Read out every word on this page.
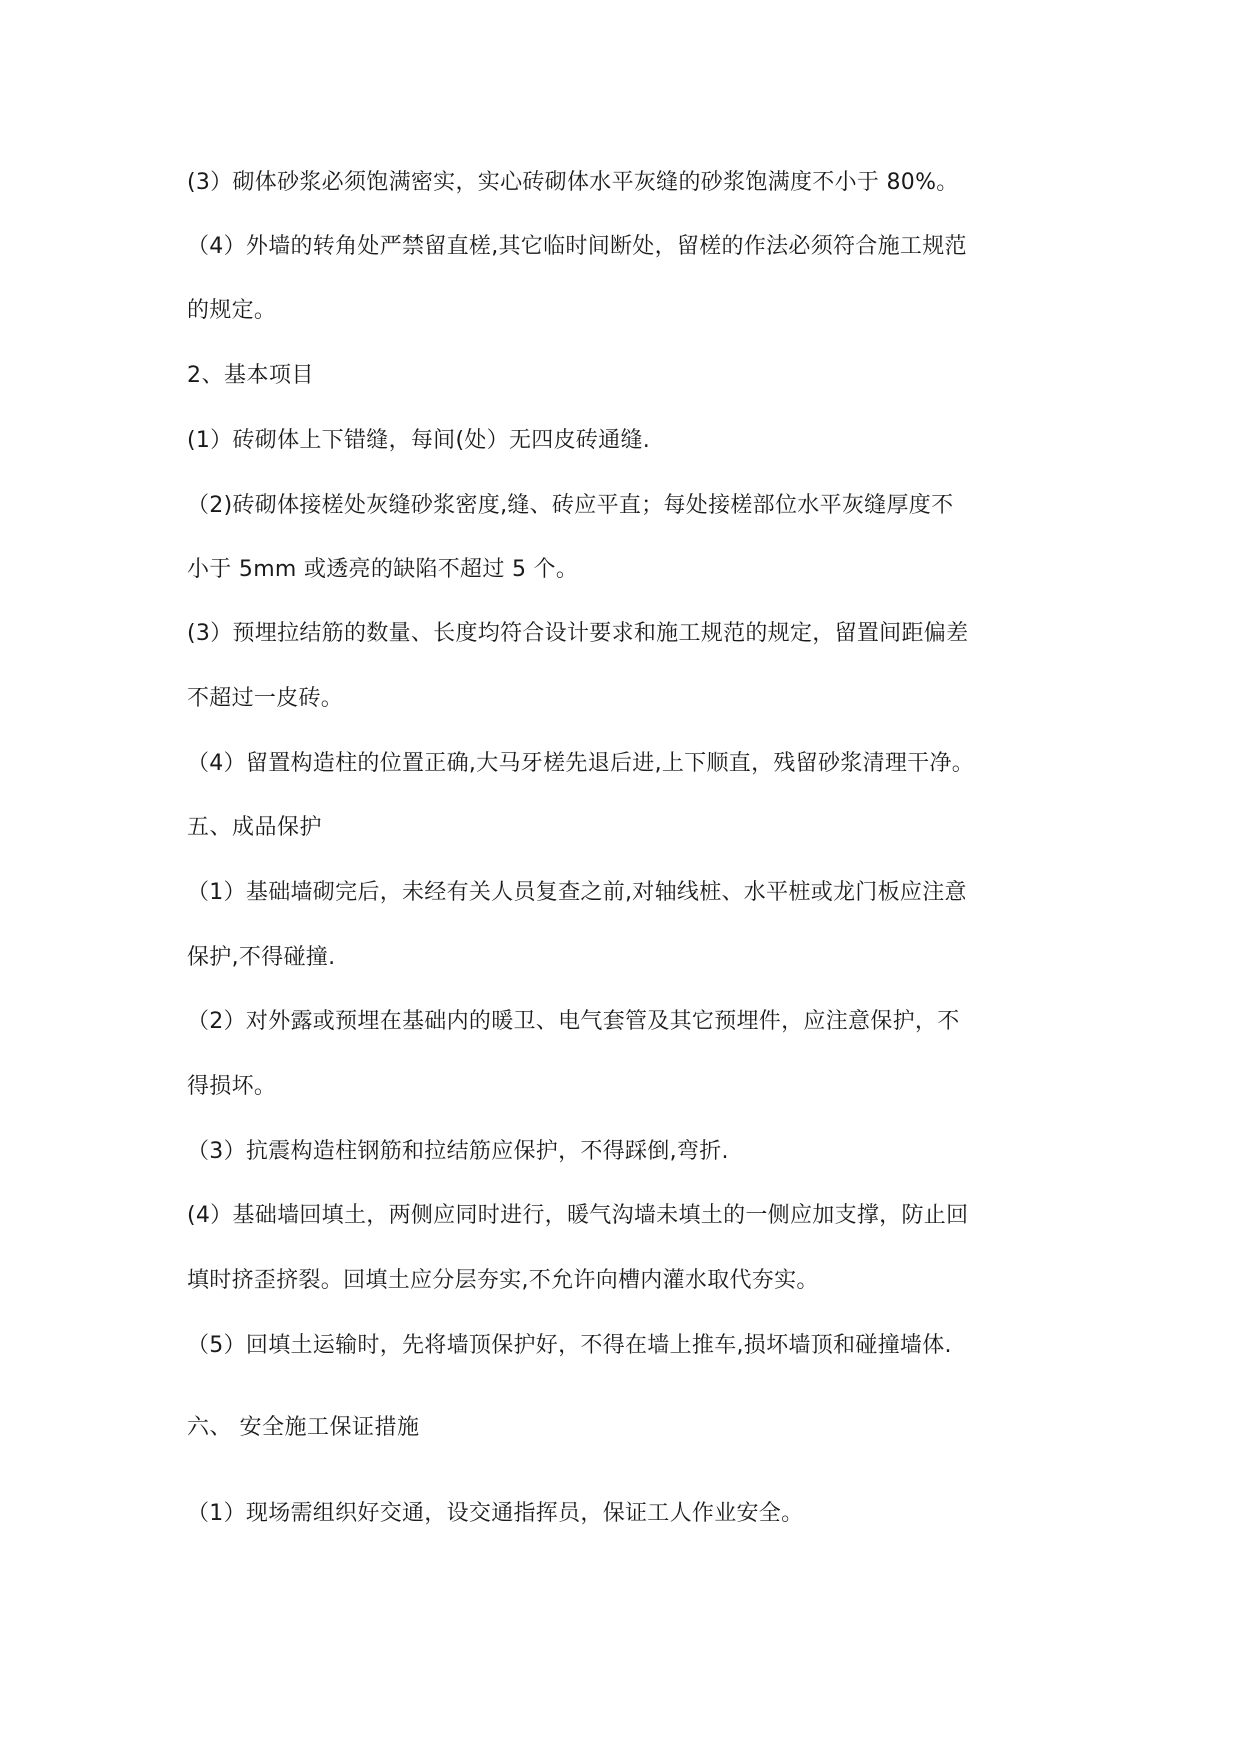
(3）砌体砂浆必须饱满密实，实心砖砌体水平灰缝的砂浆饱满度不小于 80%。
（4）外墙的转角处严禁留直槎,其它临时间断处，留槎的作法必须符合施工规范
的规定。
2、基本项目
(1）砖砌体上下错缝，每间(处）无四皮砖通缝.
（2)砖砌体接槎处灰缝砂浆密度,缝、砖应平直；每处接槎部位水平灰缝厚度不
小于 5mm 或透亮的缺陷不超过 5 个。
(3）预埋拉结筋的数量、长度均符合设计要求和施工规范的规定，留置间距偏差
不超过一皮砖。
（4）留置构造柱的位置正确,大马牙槎先退后进,上下顺直，残留砂浆清理干净。
五、成品保护
（1）基础墙砌完后，未经有关人员复查之前,对轴线桩、水平桩或龙门板应注意
保护,不得碰撞.
（2）对外露或预埋在基础内的暖卫、电气套管及其它预埋件，应注意保护，不
得损坏。
（3）抗震构造柱钢筋和拉结筋应保护，不得踩倒,弯折.
(4）基础墙回填土，两侧应同时进行，暖气沟墙未填土的一侧应加支撑，防止回
填时挤歪挤裂。回填土应分层夯实,不允许向槽内灌水取代夯实。
（5）回填土运输时，先将墙顶保护好，不得在墙上推车,损坏墙顶和碰撞墙体.
六、 安全施工保证措施
（1）现场需组织好交通，设交通指挥员，保证工人作业安全。
